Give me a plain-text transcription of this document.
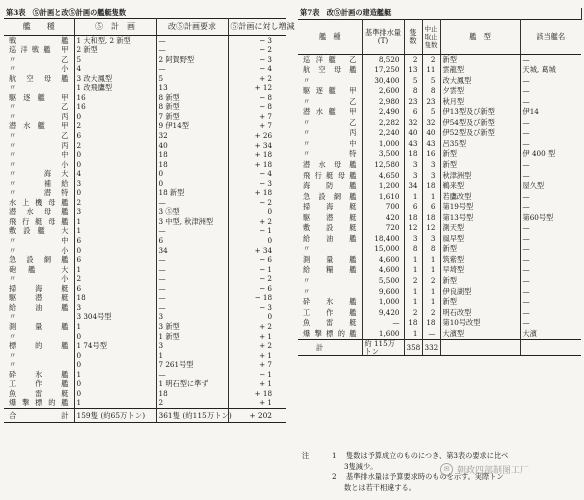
第3表　⑤計画と改⑤計画の艦艇隻数			
艦　　種	⑤　計　画	改⑤計画要求	⑤計画に対し増減
戦　　艦	1 大和型, 2 新型	—	− 3
巡洋戦艦 甲	2 新型	—	− 2
〃　乙	5	2 阿賀野型	− 3
〃　小	4	—	− 4
航空母艦	3 改大鳳型	5	+ 2
〃	1 改飛鷹型	13	+ 12
駆逐艦 甲	16	8 新型	− 8
〃　乙	16	8 新型	− 8
〃　丙	0	7 新型	+ 7
潜水艦 甲	2	9 伊14型	+ 7
〃　乙	6	32	+ 26
〃　丙	2	40	+ 34
〃　中	0	18	+ 18
〃　小	0	18	+ 18
〃　海大	4	0	− 4
〃　補給	3	0	− 3
〃　潜特	0	18 新型	+ 18
水上機母艦	2	—	− 2
潜水母艦	3	3 ⑤型	0
飛行艇母艦	1	3 中型, 秋津洲型	+ 2
敷設艦 大	1	—	− 1
〃　中	6	6	0
〃　小	0	34	+ 34
急設網艦	6	—	− 6
砲艦 大	1	—	− 1
〃　小	2	—	− 2
掃海艇	6	—	− 6
駆潜艇	18	—	− 18
給油艦	3	—	− 3
〃	3 304号型	3	0
測量艦	1	3 新型	+ 2
〃	0	1 新型	+ 1
標的艦	1 74号型	3	+ 2
〃	0	1	+ 1
〃	0	7 261号型	+ 7
砕氷艦	1	—	− 1
工作艦	0	1 明石型に準ず	+ 1
魚雷艇	0	18	+ 18
爆撃標的艦	1	2	+ 1
合　　計	159隻 (約65万トン)	361隻 (約115万トン)	+ 202
第7表　改⑤計画の建造艦艇					
艦　種	基準排水量 (T)	隻数	中止取止 隻数	艦　型	該当艦名
巡洋艦 乙	8,520	2	2	新型	—
航空母艦	17,250	13	11	雲龍型	天城, 葛城
〃	30,400	5	5	改大鳳型	—
駆逐艦 甲	2,600	8	8	夕雲型	—
〃　乙	2,980	23	23	秋月型	—
潜水艦 甲	2,490	6	5	伊13型及び新型	伊14
〃　乙	2,282	32	32	伊54型及び新型	—
〃　丙	2,240	40	40	伊52型及び新型	—
〃　中	1,000	43	43	呂35型	—
〃　特	3,500	18	16	新型	伊 400 型
潜水母艦	12,580	3	3	新型	—
飛行艇母艦	4,650	3	3	秋津洲型	—
海防艦	1,200	34	18	鵜来型	屋久型
急設網艦	1,610	1	1	若鷹改型	—
掃海艇	700	6	6	第19号型	—
駆潜艇	420	18	18	第13号型	第60号型
敷設艇	720	12	12	測天型	—
給油艦	18,400	3	3	風早型	—
〃	15,000	8	8	新型	—
測量艦	4,600	1	1	筑紫型	—
給糧艦	4,600	1	1	早埼型	—
〃	5,500	2	2	新型	—
〃	9,600	1	1	伊良湖型	—
砕氷艦	1,000	1	1	新型	—
工作艦	9,420	2	2	明石改型	—
魚雷艇	—	18	18	第10号改型	—
爆撃標的艦	1,600	1	—	大濱型	大濱
計	約 115万トン	358	332		
注	1	隻数は予算成立のものにつき、第3表の要求に比べ
3隻減少。
2	基準排水量は予算要求時のものを示す。実際トン
数とは若干相違する。
✉ 朝政四部制图工厂
